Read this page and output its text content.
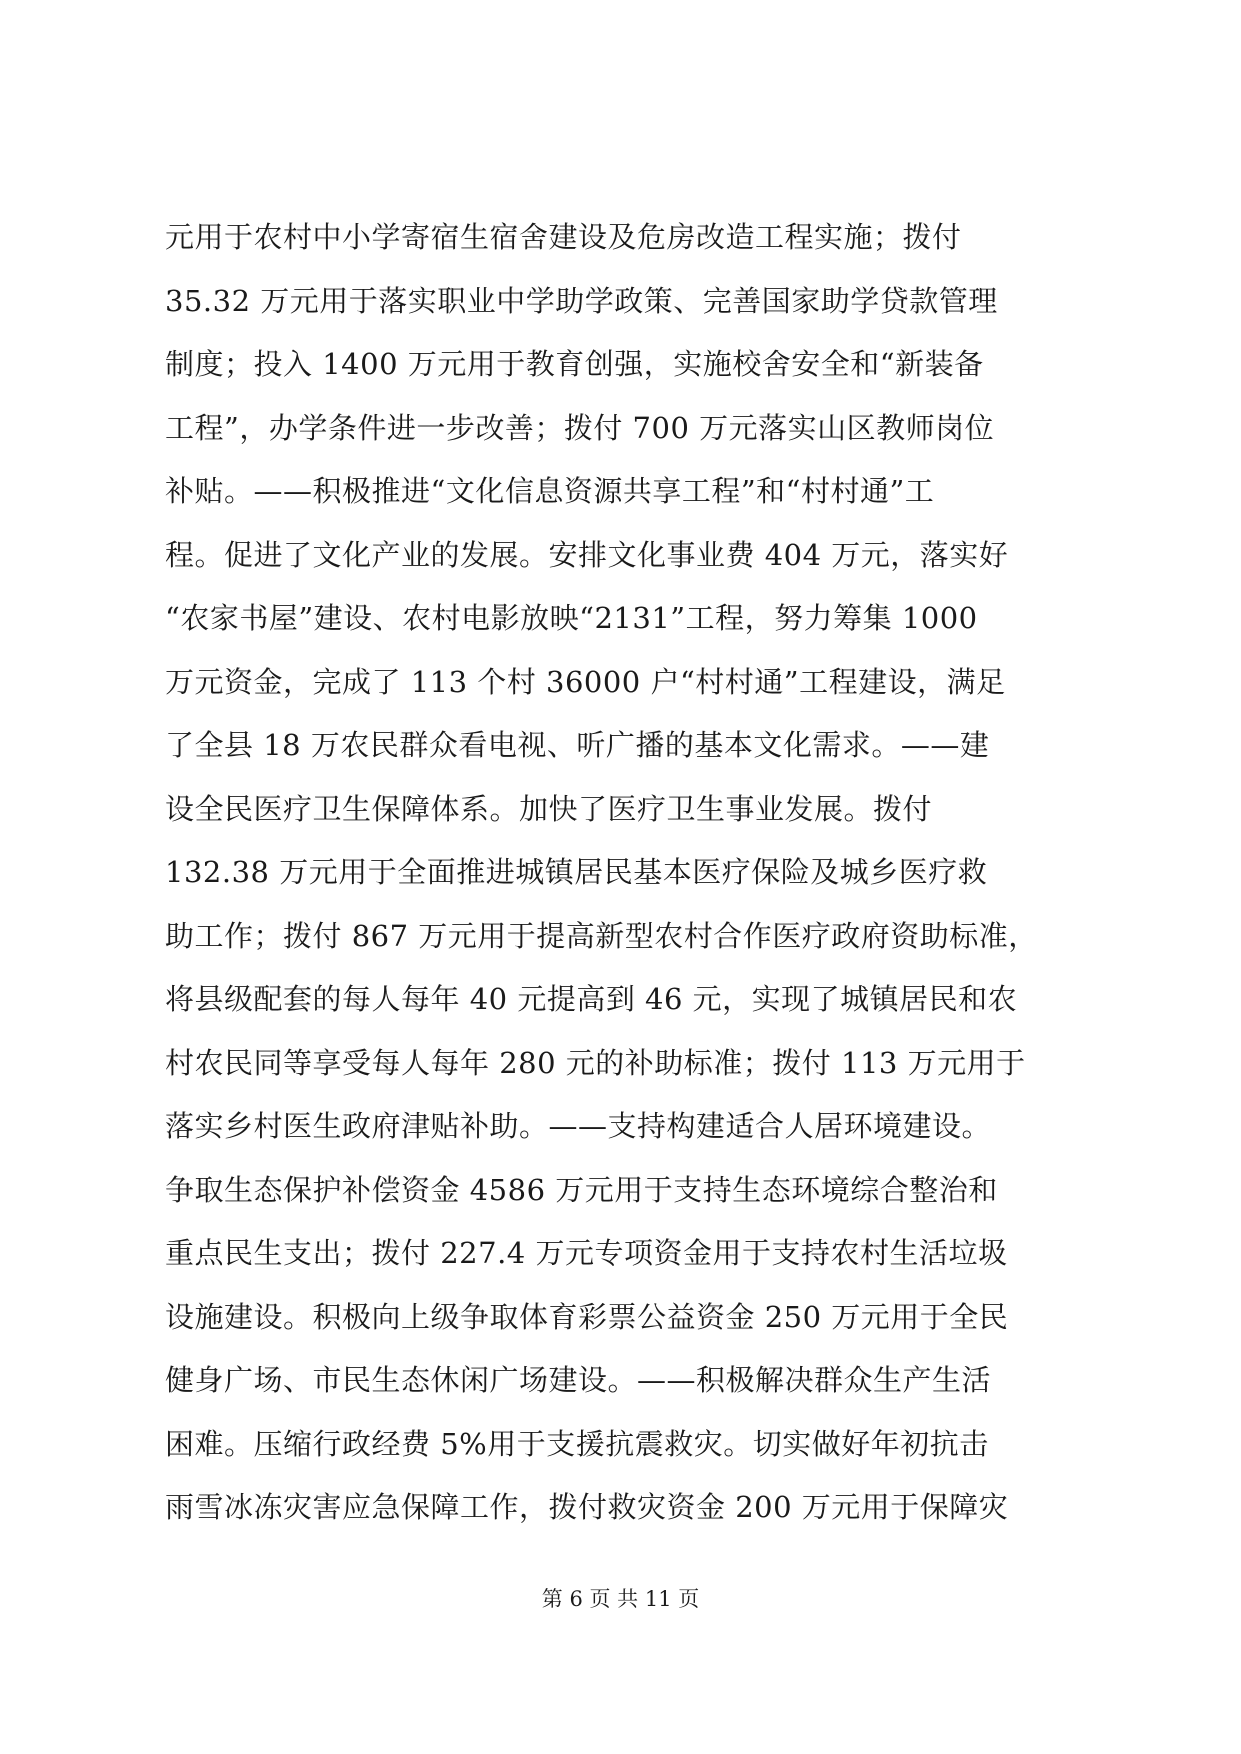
元用于农村中小学寄宿生宿舍建设及危房改造工程实施；拨付
35.32 万元用于落实职业中学助学政策、完善国家助学贷款管理
制度；投入 1400 万元用于教育创强，实施校舍安全和“新装备
工程”，办学条件进一步改善；拨付 700 万元落实山区教师岗位
补贴。——积极推进“文化信息资源共享工程”和“村村通”工
程。促进了文化产业的发展。安排文化事业费 404 万元，落实好
“农家书屋”建设、农村电影放映“2131”工程，努力筹集 1000
万元资金，完成了 113 个村 36000 户“村村通”工程建设，满足
了全县 18 万农民群众看电视、听广播的基本文化需求。——建
设全民医疗卫生保障体系。加快了医疗卫生事业发展。拨付
132.38 万元用于全面推进城镇居民基本医疗保险及城乡医疗救
助工作；拨付 867 万元用于提高新型农村合作医疗政府资助标准，
将县级配套的每人每年 40 元提高到 46 元，实现了城镇居民和农
村农民同等享受每人每年 280 元的补助标准；拨付 113 万元用于
落实乡村医生政府津贴补助。——支持构建适合人居环境建设。
争取生态保护补偿资金 4586 万元用于支持生态环境综合整治和
重点民生支出；拨付 227.4 万元专项资金用于支持农村生活垃圾
设施建设。积极向上级争取体育彩票公益资金 250 万元用于全民
健身广场、市民生态休闲广场建设。——积极解决群众生产生活
困难。压缩行政经费 5%用于支援抗震救灾。切实做好年初抗击
雨雪冰冻灾害应急保障工作，拨付救灾资金 200 万元用于保障灾
第 6 页 共 11 页
